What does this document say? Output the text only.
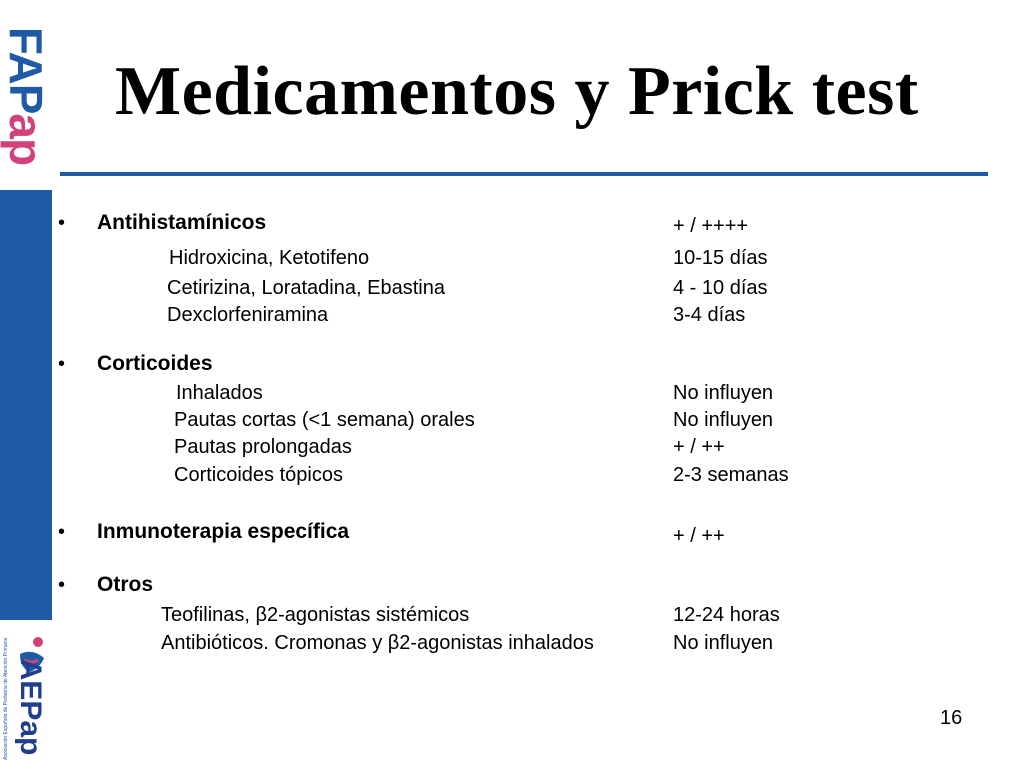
FAPap
Asociación Española de Pediatría de Atención Primaria AEPap
Medicamentos y Prick test
• Antihistamínicos	+ / ++++
Hidroxicina, Ketotifeno	10-15 días
Cetirizina, Loratadina, Ebastina	4 - 10 días
Dexclorfeniramina	3-4 días
• Corticoides
Inhalados	No influyen
Pautas cortas (<1 semana) orales	No influyen
Pautas prolongadas	+ / ++
Corticoides tópicos	2-3 semanas
• Inmunoterapia específica	+ / ++
• Otros
Teofilinas, β2-agonistas sistémicos	12-24 horas
Antibióticos. Cromonas y β2-agonistas inhalados	No influyen
16
